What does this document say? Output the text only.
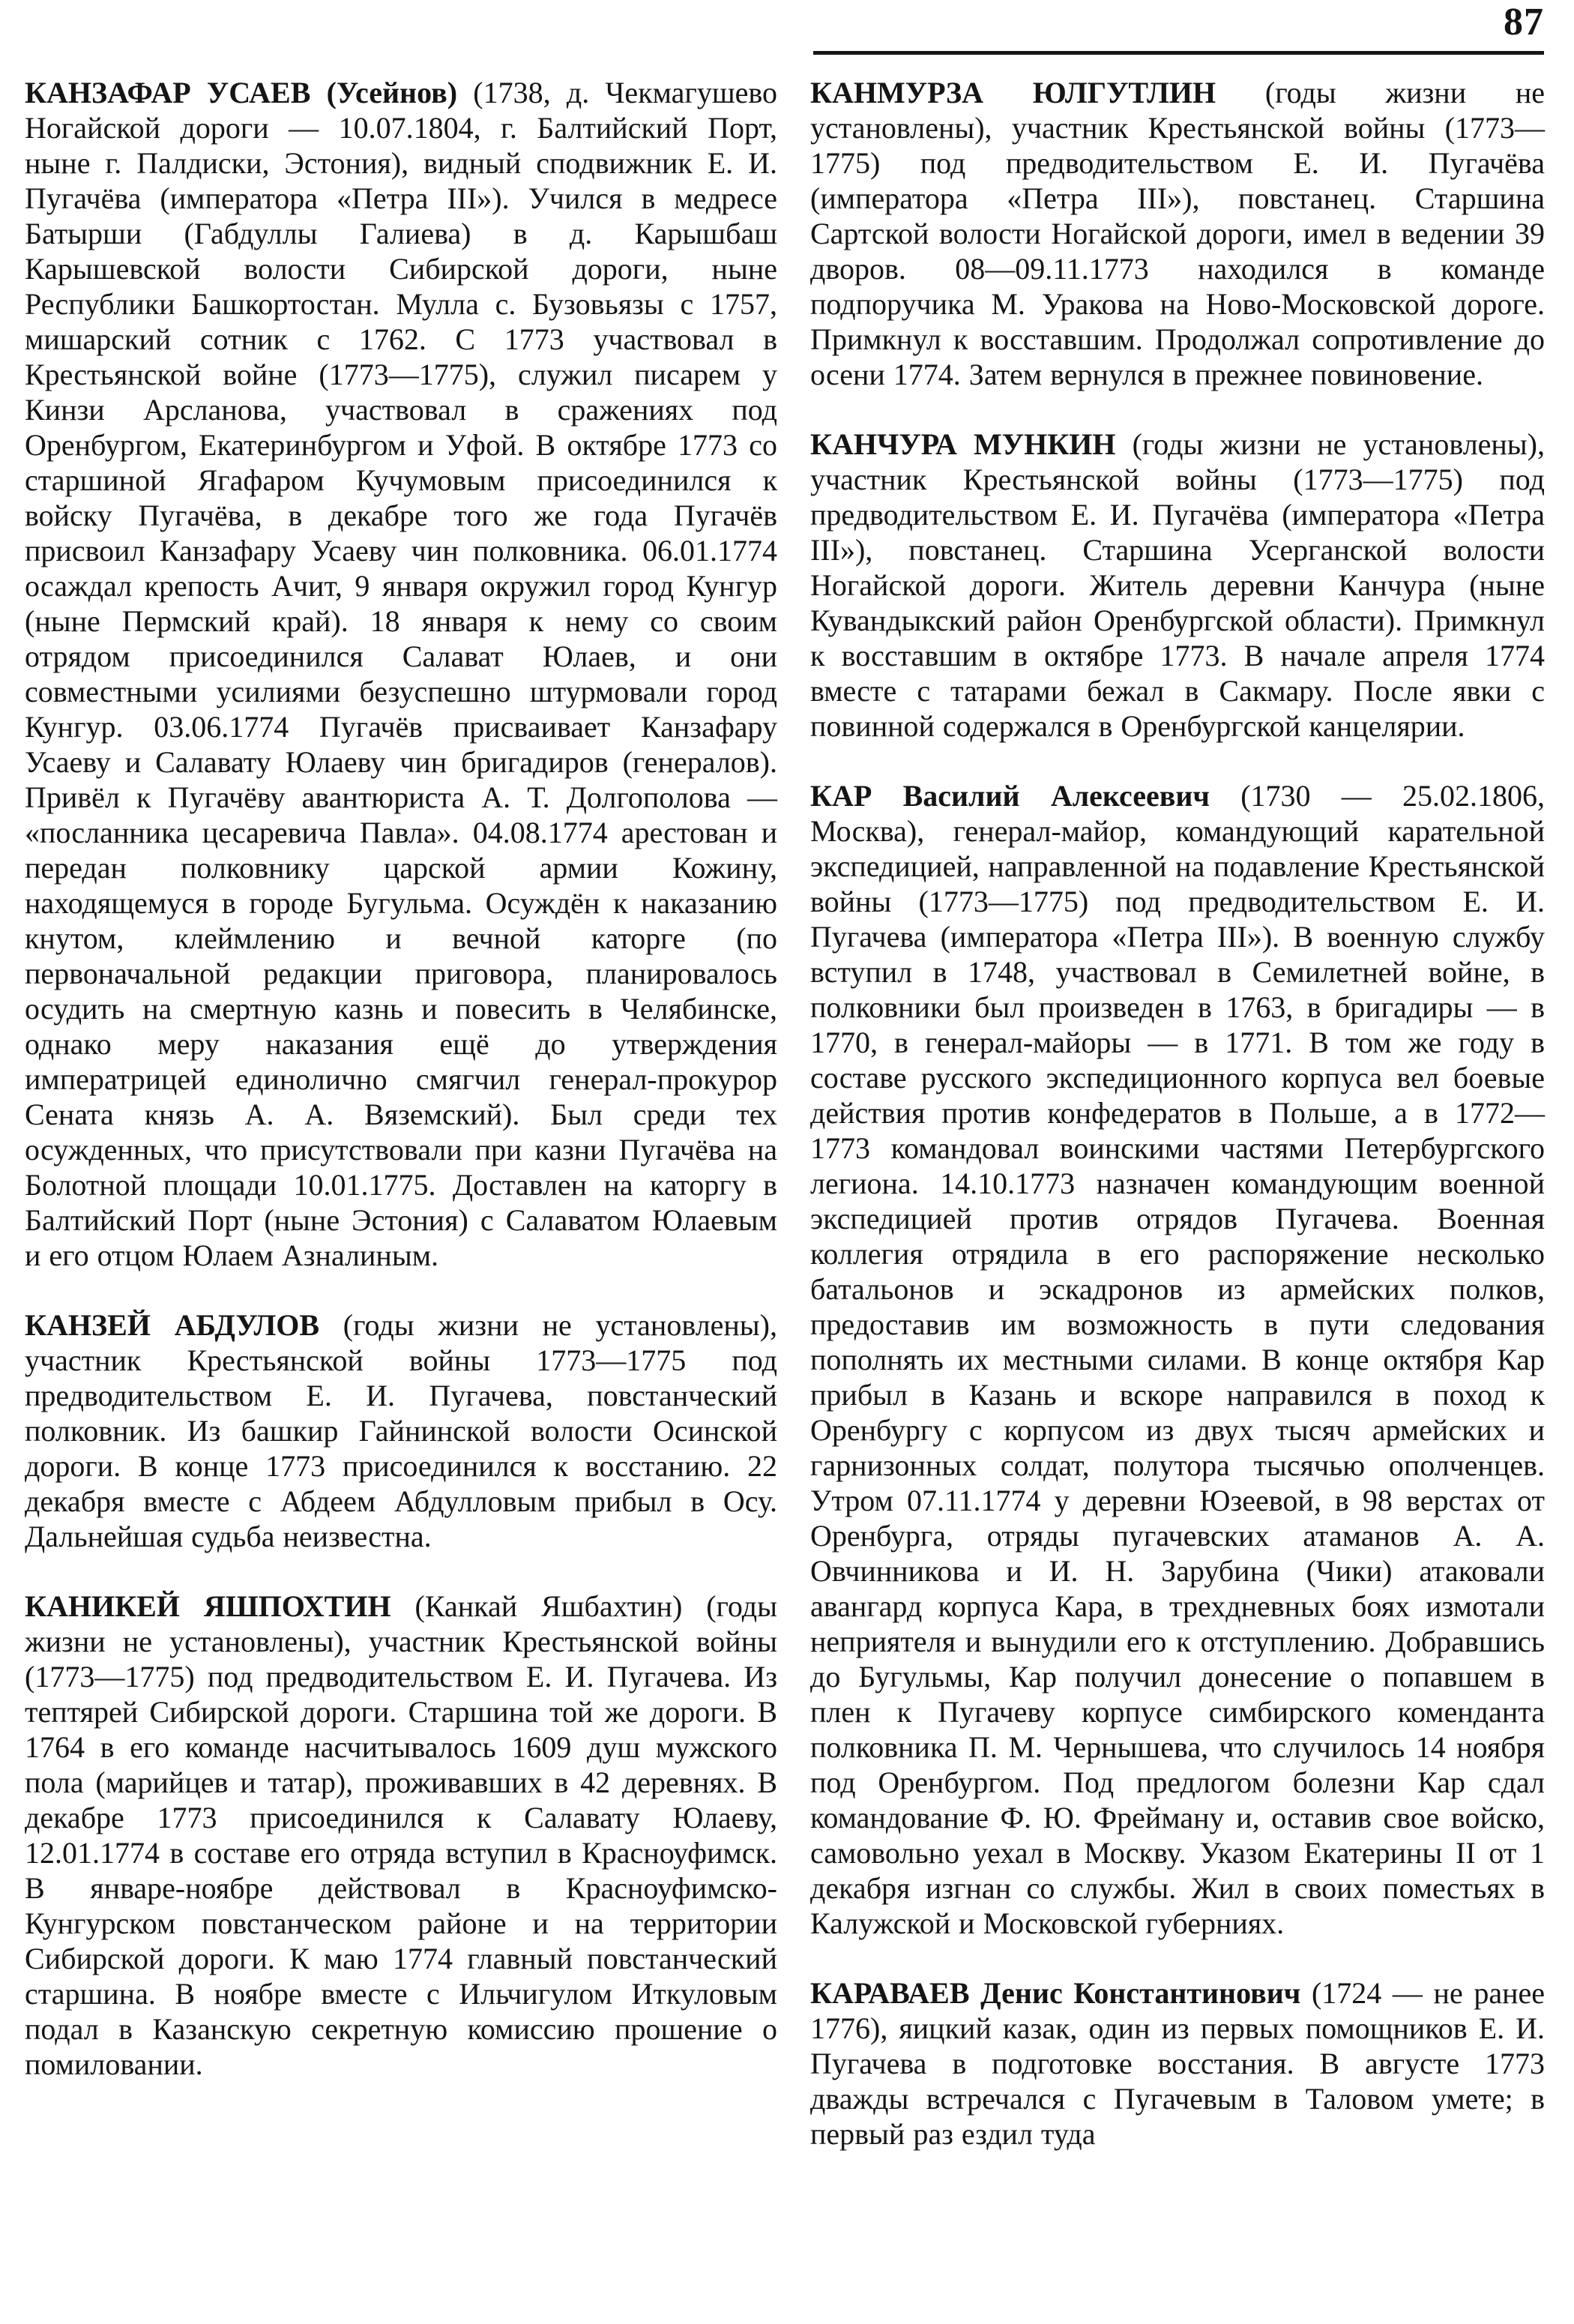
87

КАНЗАФАР УСАЕВ (Усейнов) (1738, д. Чекмагушево Ногайской дороги — 10.07.1804, г. Балтийский Порт, ныне г. Палдиски, Эстония), видный сподвижник Е. И. Пугачёва (императора «Петра III»). Учился в медресе Батырши (Габдуллы Галиева) в д. Карышбаш Карышевской волости Сибирской дороги, ныне Республики Башкортостан. Мулла с. Бузовьязы с 1757, мишарский сотник с 1762. С 1773 участвовал в Крестьянской войне (1773—1775), служил писарем у Кинзи Арсланова, участвовал в сражениях под Оренбургом, Екатеринбургом и Уфой. В октябре 1773 со старшиной Ягафаром Кучумовым присоединился к войску Пугачёва, в декабре того же года Пугачёв присвоил Канзафару Усаеву чин полковника. 06.01.1774 осаждал крепость Ачит, 9 января окружил город Кунгур (ныне Пермский край). 18 января к нему со своим отрядом присоединился Салават Юлаев, и они совместными усилиями безуспешно штурмовали город Кунгур. 03.06.1774 Пугачёв присваивает Канзафару Усаеву и Салавату Юлаеву чин бригадиров (генералов). Привёл к Пугачёву авантюриста А. Т. Долгополова — «посланника цесаревича Павла». 04.08.1774 арестован и передан полковнику царской армии Кожину, находящемуся в городе Бугульма. Осуждён к наказанию кнутом, клеймлению и вечной каторге (по первоначальной редакции приговора, планировалось осудить на смертную казнь и повесить в Челябинске, однако меру наказания ещё до утверждения императрицей единолично смягчил генерал-прокурор Сената князь А. А. Вяземский). Был среди тех осужденных, что присутствовали при казни Пугачёва на Болотной площади 10.01.1775. Доставлен на каторгу в Балтийский Порт (ныне Эстония) с Салаватом Юлаевым и его отцом Юлаем Азналиным.

КАНЗЕЙ АБДУЛОВ (годы жизни не установлены), участник Крестьянской войны 1773—1775 под предводительством Е. И. Пугачева, повстанческий полковник. Из башкир Гайнинской волости Осинской дороги. В конце 1773 присоединился к восстанию. 22 декабря вместе с Абдеем Абдулловым прибыл в Осу. Дальнейшая судьба неизвестна.

КАНИКЕЙ ЯШПОХТИН (Канкай Яшбахтин) (годы жизни не установлены), участник Крестьянской войны (1773—1775) под предводительством Е. И. Пугачева. Из тептярей Сибирской дороги. Старшина той же дороги. В 1764 в его команде насчитывалось 1609 душ мужского пола (марийцев и татар), проживавших в 42 деревнях. В декабре 1773 присоединился к Салавату Юлаеву, 12.01.1774 в составе его отряда вступил в Красноуфимск. В январе-ноябре действовал в Красноуфимско-Кунгурском повстанческом районе и на территории Сибирской дороги. К маю 1774 главный повстанческий старшина. В ноябре вместе с Ильчигулом Иткуловым подал в Казанскую секретную комиссию прошение о помиловании.

КАНМУРЗА ЮЛГУТЛИН (годы жизни не установлены), участник Крестьянской войны (1773—1775) под предводительством Е. И. Пугачёва (императора «Петра III»), повстанец. Старшина Сартской волости Ногайской дороги, имел в ведении 39 дворов. 08—09.11.1773 находился в команде подпоручика М. Уракова на Ново-Московской дороге. Примкнул к восставшим. Продолжал сопротивление до осени 1774. Затем вернулся в прежнее повиновение.

КАНЧУРА МУНКИН (годы жизни не установлены), участник Крестьянской войны (1773—1775) под предводительством Е. И. Пугачёва (императора «Петра III»), повстанец. Старшина Усерганской волости Ногайской дороги. Житель деревни Канчура (ныне Кувандыкский район Оренбургской области). Примкнул к восставшим в октябре 1773. В начале апреля 1774 вместе с татарами бежал в Сакмару. После явки с повинной содержался в Оренбургской канцелярии.

КАР Василий Алексеевич (1730 — 25.02.1806, Москва), генерал-майор, командующий карательной экспедицией, направленной на подавление Крестьянской войны (1773—1775) под предводительством Е. И. Пугачева (императора «Петра III»). В военную службу вступил в 1748, участвовал в Семилетней войне, в полковники был произведен в 1763, в бригадиры — в 1770, в генерал-майоры — в 1771. В том же году в составе русского экспедиционного корпуса вел боевые действия против конфедератов в Польше, а в 1772—1773 командовал воинскими частями Петербургского легиона. 14.10.1773 назначен командующим военной экспедицией против отрядов Пугачева. Военная коллегия отрядила в его распоряжение несколько батальонов и эскадронов из армейских полков, предоставив им возможность в пути следования пополнять их местными силами. В конце октября Кар прибыл в Казань и вскоре направился в поход к Оренбургу с корпусом из двух тысяч армейских и гарнизонных солдат, полутора тысячью ополченцев. Утром 07.11.1774 у деревни Юзеевой, в 98 верстах от Оренбурга, отряды пугачевских атаманов А. А. Овчинникова и И. Н. Зарубина (Чики) атаковали авангард корпуса Кара, в трехдневных боях измотали неприятеля и вынудили его к отступлению. Добравшись до Бугульмы, Кар получил донесение о попавшем в плен к Пугачеву корпусе симбирского коменданта полковника П. М. Чернышева, что случилось 14 ноября под Оренбургом. Под предлогом болезни Кар сдал командование Ф. Ю. Фрейману и, оставив свое войско, самовольно уехал в Москву. Указом Екатерины II от 1 декабря изгнан со службы. Жил в своих поместьях в Калужской и Московской губерниях.

КАРАВАЕВ Денис Константинович (1724 — не ранее 1776), яицкий казак, один из первых помощников Е. И. Пугачева в подготовке восстания. В августе 1773 дважды встречался с Пугачевым в Таловом умете; в первый раз ездил туда
